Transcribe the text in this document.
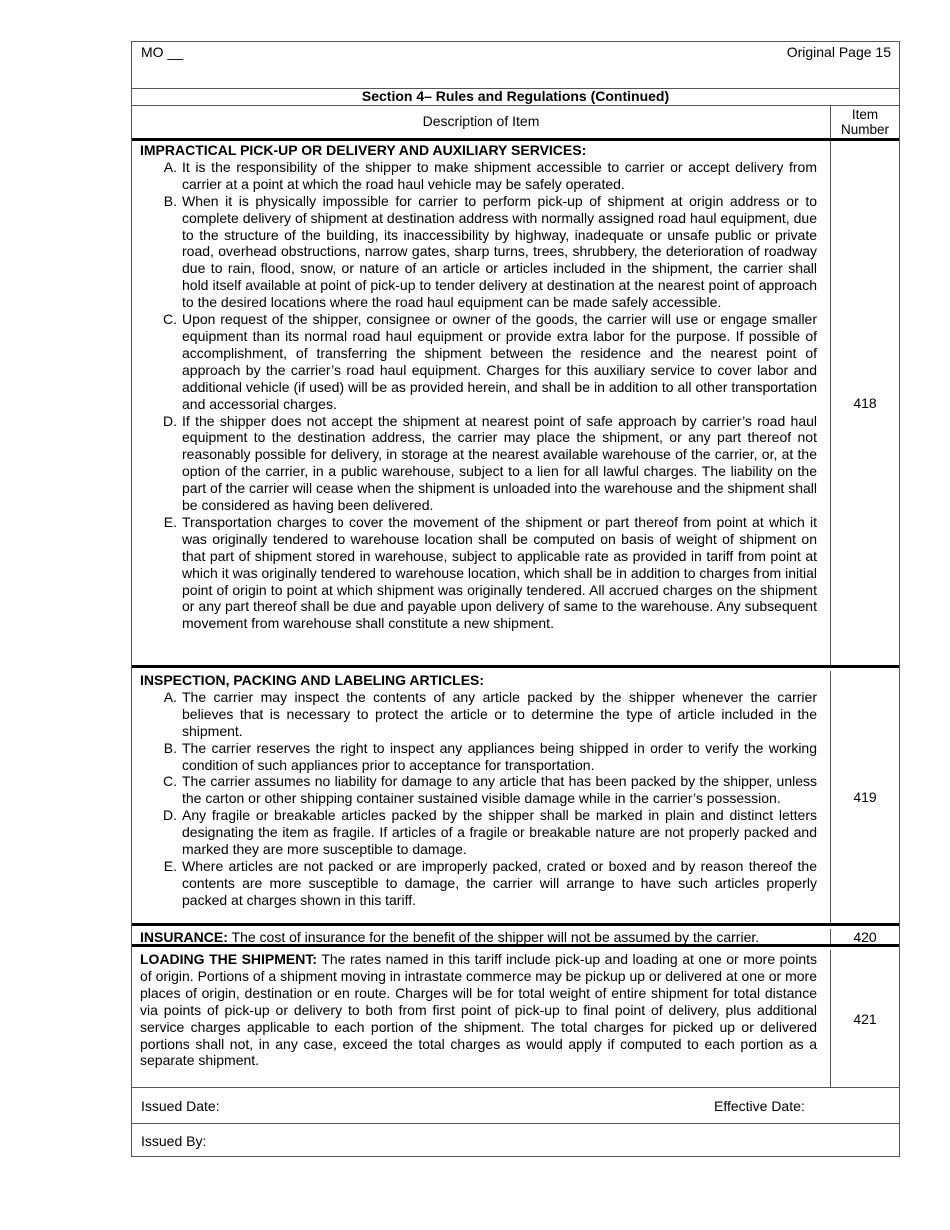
MO __	Original Page 15
Section 4– Rules and Regulations (Continued)
Description of Item	Item Number
IMPRACTICAL PICK-UP OR DELIVERY AND AUXILIARY SERVICES:
A. It is the responsibility of the shipper to make shipment accessible to carrier or accept delivery from carrier at a point at which the road haul vehicle may be safely operated.
B. When it is physically impossible for carrier to perform pick-up of shipment at origin address or to complete delivery of shipment at destination address with normally assigned road haul equipment, due to the structure of the building, its inaccessibility by highway, inadequate or unsafe public or private road, overhead obstructions, narrow gates, sharp turns, trees, shrubbery, the deterioration of roadway due to rain, flood, snow, or nature of an article or articles included in the shipment, the carrier shall hold itself available at point of pick-up to tender delivery at destination at the nearest point of approach to the desired locations where the road haul equipment can be made safely accessible.
C. Upon request of the shipper, consignee or owner of the goods, the carrier will use or engage smaller equipment than its normal road haul equipment or provide extra labor for the purpose. If possible of accomplishment, of transferring the shipment between the residence and the nearest point of approach by the carrier’s road haul equipment. Charges for this auxiliary service to cover labor and additional vehicle (if used) will be as provided herein, and shall be in addition to all other transportation and accessorial charges.
D. If the shipper does not accept the shipment at nearest point of safe approach by carrier’s road haul equipment to the destination address, the carrier may place the shipment, or any part thereof not reasonably possible for delivery, in storage at the nearest available warehouse of the carrier, or, at the option of the carrier, in a public warehouse, subject to a lien for all lawful charges. The liability on the part of the carrier will cease when the shipment is unloaded into the warehouse and the shipment shall be considered as having been delivered.
E. Transportation charges to cover the movement of the shipment or part thereof from point at which it was originally tendered to warehouse location shall be computed on basis of weight of shipment on that part of shipment stored in warehouse, subject to applicable rate as provided in tariff from point at which it was originally tendered to warehouse location, which shall be in addition to charges from initial point of origin to point at which shipment was originally tendered. All accrued charges on the shipment or any part thereof shall be due and payable upon delivery of same to the warehouse. Any subsequent movement from warehouse shall constitute a new shipment.
418
INSPECTION, PACKING AND LABELING ARTICLES:
A. The carrier may inspect the contents of any article packed by the shipper whenever the carrier believes that is necessary to protect the article or to determine the type of article included in the shipment.
B. The carrier reserves the right to inspect any appliances being shipped in order to verify the working condition of such appliances prior to acceptance for transportation.
C. The carrier assumes no liability for damage to any article that has been packed by the shipper, unless the carton or other shipping container sustained visible damage while in the carrier’s possession.
D. Any fragile or breakable articles packed by the shipper shall be marked in plain and distinct letters designating the item as fragile. If articles of a fragile or breakable nature are not properly packed and marked they are more susceptible to damage.
E. Where articles are not packed or are improperly packed, crated or boxed and by reason thereof the contents are more susceptible to damage, the carrier will arrange to have such articles properly packed at charges shown in this tariff.
419
INSURANCE: The cost of insurance for the benefit of the shipper will not be assumed by the carrier.	420
LOADING THE SHIPMENT: The rates named in this tariff include pick-up and loading at one or more points of origin. Portions of a shipment moving in intrastate commerce may be pickup up or delivered at one or more places of origin, destination or en route. Charges will be for total weight of entire shipment for total distance via points of pick-up or delivery to both from first point of pick-up to final point of delivery, plus additional service charges applicable to each portion of the shipment. The total charges for picked up or delivered portions shall not, in any case, exceed the total charges as would apply if computed to each portion as a separate shipment.
421
Issued Date:	Effective Date:
Issued By:
